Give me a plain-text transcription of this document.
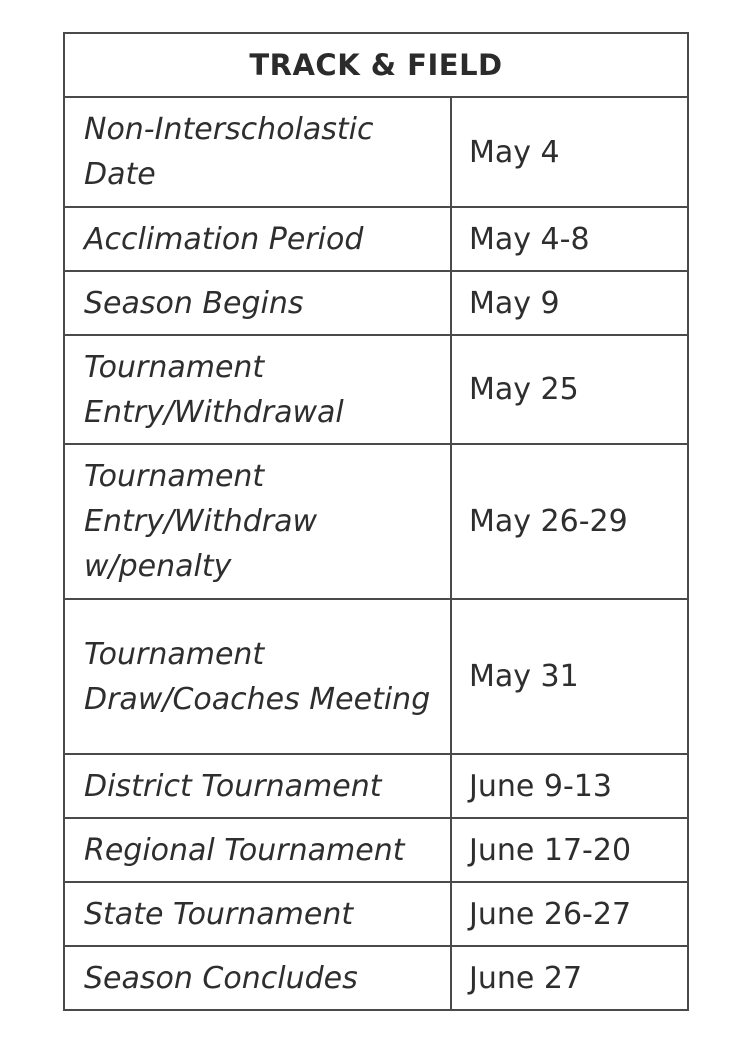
TRACK & FIELD	
Non-Interscholastic Date	May 4
Acclimation Period	May 4-8
Season Begins	May 9
Tournament Entry/Withdrawal	May 25
Tournament Entry/Withdraw w/penalty	May 26-29
Tournament Draw/Coaches Meeting	May 31
District Tournament	June 9-13
Regional Tournament	June 17-20
State Tournament	June 26-27
Season Concludes	June 27
